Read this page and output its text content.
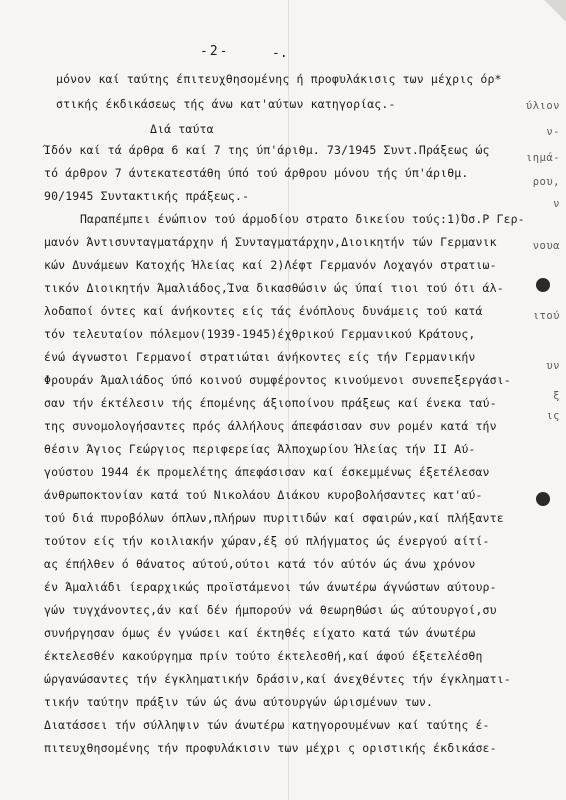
-2-	-.
μόνον καί ταύτης έπιτευχθησoμένης ή προφυλάκισις των μέχρις όρ*
στικής έκδικάσεως τής άνω κατ'αύτων κατηγορίας.-
Διά ταύτα
Ίδόν καί τά άρθρα 6 καί 7 της ύπ'άριθμ. 73/1945 Συντ.Πράξεως ώς
τό άρθρον 7 άντεκατεστάθη ύπό τού άρθρου μόνου τής ύπ'άριθμ.
90/1945 Συντακτικής πράξεως.-
Παραπέμπει ένώπιον τού άρμοδίου στρατο δικείου τούς:1)Όσ.Ρ Γερ-
μανόν Άντισυνταγματάρχην ή Συνταγματάρχην,Διοικητήν τών Γερμανικ
κών Δυνάμεων Κατοχής Ήλείας καί 2)Λέφτ Γερμανόν Λοχαγόν στρατιω-
τικόν Διοικητήν Άμαλιάδος,Ίνα δικασθώσιν ώς ύπαί τιοι τού ότι άλ-
λοδαποί όντες καί άνήκοντες είς τάς ένόπλους δυνάμεις τού κατά
τόν τελευταίον πόλεμον(1939-1945)έχθρικού Γερμανικού Κράτους,
ένώ άγνωστοι Γερμανοί στρατιώται άνήκοντες είς τήν Γερμανικήν
Φρουράν Άμαλιάδος ύπό κοινού συμφέροντος κινούμενοι συνεπεξεργάσι-
σαν τήν έκτέλεσιν τής έπομένης άξιοποίνου πράξεως καί ένεκα ταύ-
της συνομολογήσαντες πρός άλλήλους άπεφάσισαν συν ρομέν κατά τήν
θέσιν Άγιος Γεώργιος περιφερείας Άλποχωρίου Ήλείας τήν II Αύ-
γούστου 1944 έκ προμελέτης άπεφάσισαν καί έσκεμμένως έξετέλεσαν
άνθρωποκτονίαν κατά τού Νικολάου Διάκου κυροβολήσαντες κατ'αύ-
τού διά πυροβόλων όπλων,πλήρων πυριτιδών καί σφαιρών,καί πλήξαντε
τούτον είς τήν κοιλιακήν χώραν,έξ ού πλήγματος ώς ένεργού αίτί-
ας έπήλθεν ό θάνατος αύτού,ούτοι κατά τόν αύτόν ώς άνω χρόνον
έν Άμαλιάδι ίεραρχικώς προϊστάμενοι τών άνωτέρω άγνώστων αύτουρ-
γών τυγχάνοντες,άν καί δέν ήμπορούν νά θεωρηθώσι ώς αύτουργοί,συ
συνήργησαν όμως έν γνώσει καί έκτηθές είχατο κατά τών άνωτέρω
έκτελεσθέν κακούργημα πρίν τούτο έκτελεσθή,καί άφού έξετελέσθη
ώργανώσαντες τήν έγκληματικήν δράσιν,καί άνεχθέντες τήν έγκληματι-
τικήν ταύτην πράξιν τών ώς άνω αύτουργών ώρισμένων των.
Διατάσσει τήν σύλληψιν τών άνωτέρω κατηγορουμένων καί ταύτης έ-
πιτευχθησομένης τήν προφυλάκισιν των μέχρι ς οριστικής έκδικάσε-
ύλιον
ν-
ιημά-
ρου,
ν
νουα
ιτού
υν
ξ
ις
